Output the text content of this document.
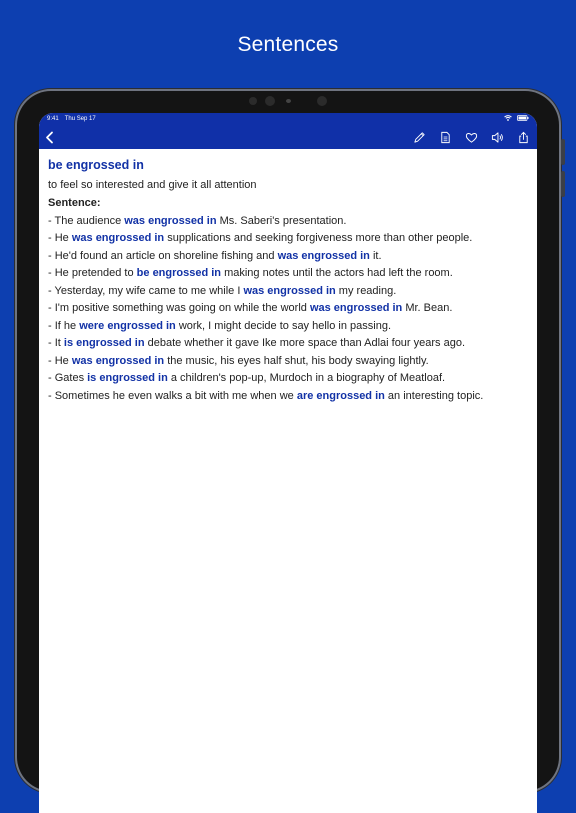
Sentences
9:41 Thu Sep 17
be engrossed in
to feel so interested and give it all attention
Sentence:
- The audience was engrossed in Ms. Saberi's presentation.
- He was engrossed in supplications and seeking forgiveness more than other people.
- He'd found an article on shoreline fishing and was engrossed in it.
- He pretended to be engrossed in making notes until the actors had left the room.
- Yesterday, my wife came to me while I was engrossed in my reading.
- I'm positive something was going on while the world was engrossed in Mr. Bean.
- If he were engrossed in work, I might decide to say hello in passing.
- It is engrossed in debate whether it gave Ike more space than Adlai four years ago.
- He was engrossed in the music, his eyes half shut, his body swaying lightly.
- Gates is engrossed in a children's pop-up, Murdoch in a biography of Meatloaf.
- Sometimes he even walks a bit with me when we are engrossed in an interesting topic.
